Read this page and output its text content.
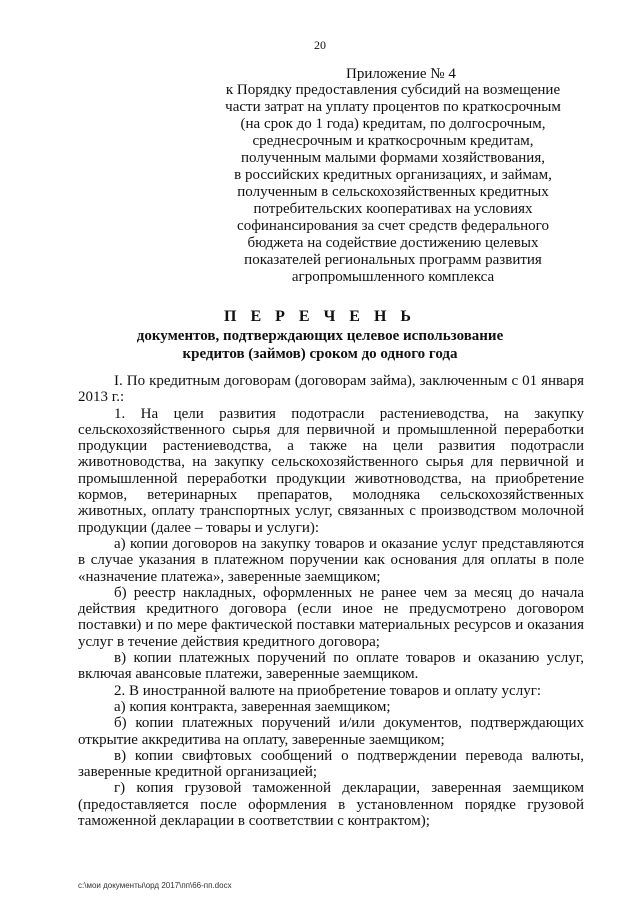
20
Приложение № 4
к Порядку предоставления субсидий на возмещение
части затрат на уплату процентов по краткосрочным
(на срок до 1 года) кредитам, по долгосрочным,
среднесрочным и краткосрочным кредитам,
полученным малыми формами хозяйствования,
в российских кредитных организациях, и займам,
полученным в сельскохозяйственных кредитных
потребительских кооперативах на условиях
софинансирования за счет средств федерального
бюджета на содействие достижению целевых
показателей региональных программ развития
агропромышленного комплекса
П Е Р Е Ч Е Н Ь
документов, подтверждающих целевое использование
кредитов (займов) сроком до одного года

I. По кредитным договорам (договорам займа), заключенным с 01 января 2013 г.:

1. На цели развития подотрасли растениеводства, на закупку сельскохозяйственного сырья для первичной и промышленной переработки продукции растениеводства, а также на цели развития подотрасли животноводства, на закупку сельскохозяйственного сырья для первичной и промышленной переработки продукции животноводства, на приобретение кормов, ветеринарных препаратов, молодняка сельскохозяйственных животных, оплату транспортных услуг, связанных с производством молочной продукции (далее – товары и услуги):

а) копии договоров на закупку товаров и оказание услуг представляются в случае указания в платежном поручении как основания для оплаты в поле «назначение платежа», заверенные заемщиком;

б) реестр накладных, оформленных не ранее чем за месяц до начала действия кредитного договора (если иное не предусмотрено договором поставки) и по мере фактической поставки материальных ресурсов и оказания услуг в течение действия кредитного договора;

в) копии платежных поручений по оплате товаров и оказанию услуг, включая авансовые платежи, заверенные заемщиком.

2. В иностранной валюте на приобретение товаров и оплату услуг:

а) копия контракта, заверенная заемщиком;

б) копии платежных поручений и/или документов, подтверждающих открытие аккредитива на оплату, заверенные заемщиком;

в) копии свифтовых сообщений о подтверждении перевода валюты, заверенные кредитной организацией;

г) копия грузовой таможенной декларации, заверенная заемщиком (предоставляется после оформления в установленном порядке грузовой таможенной декларации в соответствии с контрактом);

c:\мои документы\орд 2017\пп\66-пп.docx
